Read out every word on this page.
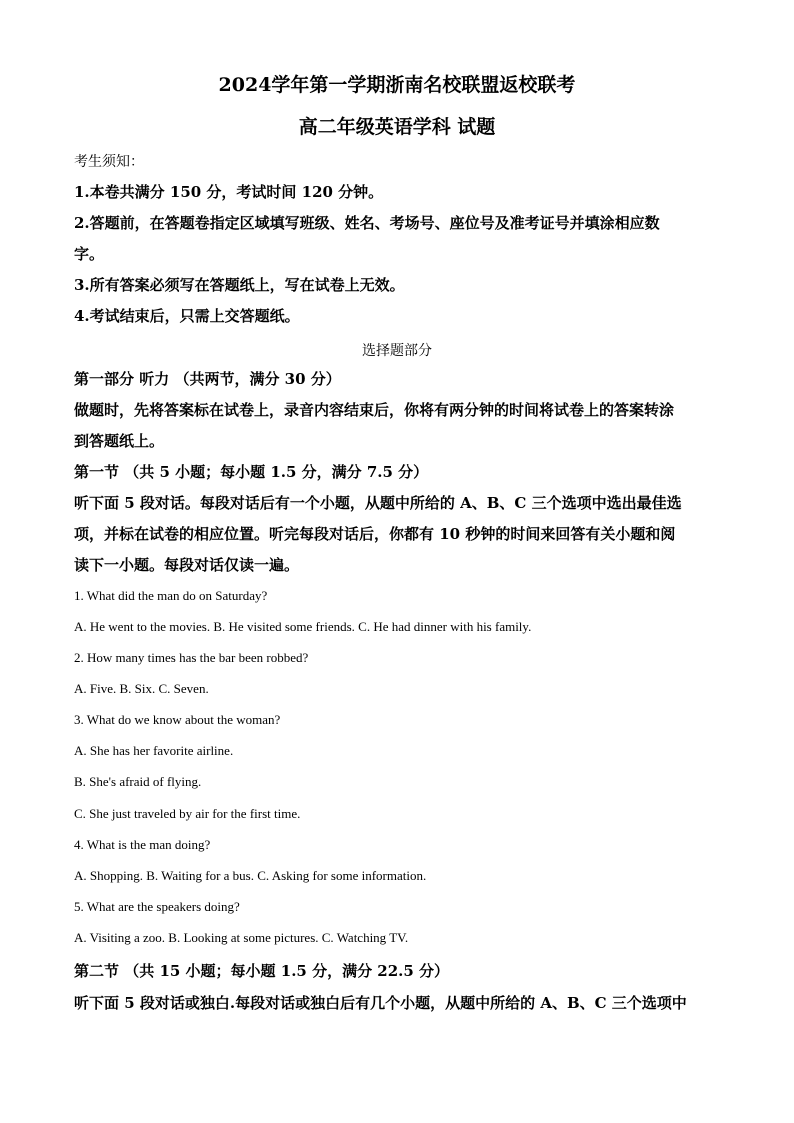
2024学年第一学期浙南名校联盟返校联考
高二年级英语学科 试题
考生须知：
1.本卷共满分 150 分，考试时间 120 分钟。
2.答题前，在答题卷指定区域填写班级、姓名、考场号、座位号及准考证号并填涂相应数
字。
3.所有答案必须写在答题纸上，写在试卷上无效。
4.考试结束后，只需上交答题纸。
选择题部分
第一部分 听力 （共两节，满分 30 分）
做题时，先将答案标在试卷上，录音内容结束后，你将有两分钟的时间将试卷上的答案转涂
到答题纸上。
第一节 （共 5 小题；每小题 1.5 分，满分 7.5 分）
听下面 5 段对话。每段对话后有一个小题，从题中所给的 A、B、C 三个选项中选出最佳选
项，并标在试卷的相应位置。听完每段对话后，你都有 10 秒钟的时间来回答有关小题和阅
读下一小题。每段对话仅读一遍。
1. What did the man do on Saturday?
A. He went to the movies. B. He visited some friends. C. He had dinner with his family.
2. How many times has the bar been robbed?
A. Five. B. Six. C. Seven.
3. What do we know about the woman?
A. She has her favorite airline.
B. She's afraid of flying.
C. She just traveled by air for the first time.
4. What is the man doing?
A. Shopping. B. Waiting for a bus. C. Asking for some information.
5. What are the speakers doing?
A. Visiting a zoo. B. Looking at some pictures. C. Watching TV.
第二节 （共 15 小题；每小题 1.5 分，满分 22.5 分）
听下面 5 段对话或独白.每段对话或独白后有几个小题，从题中所给的 A、B、C 三个选项中
